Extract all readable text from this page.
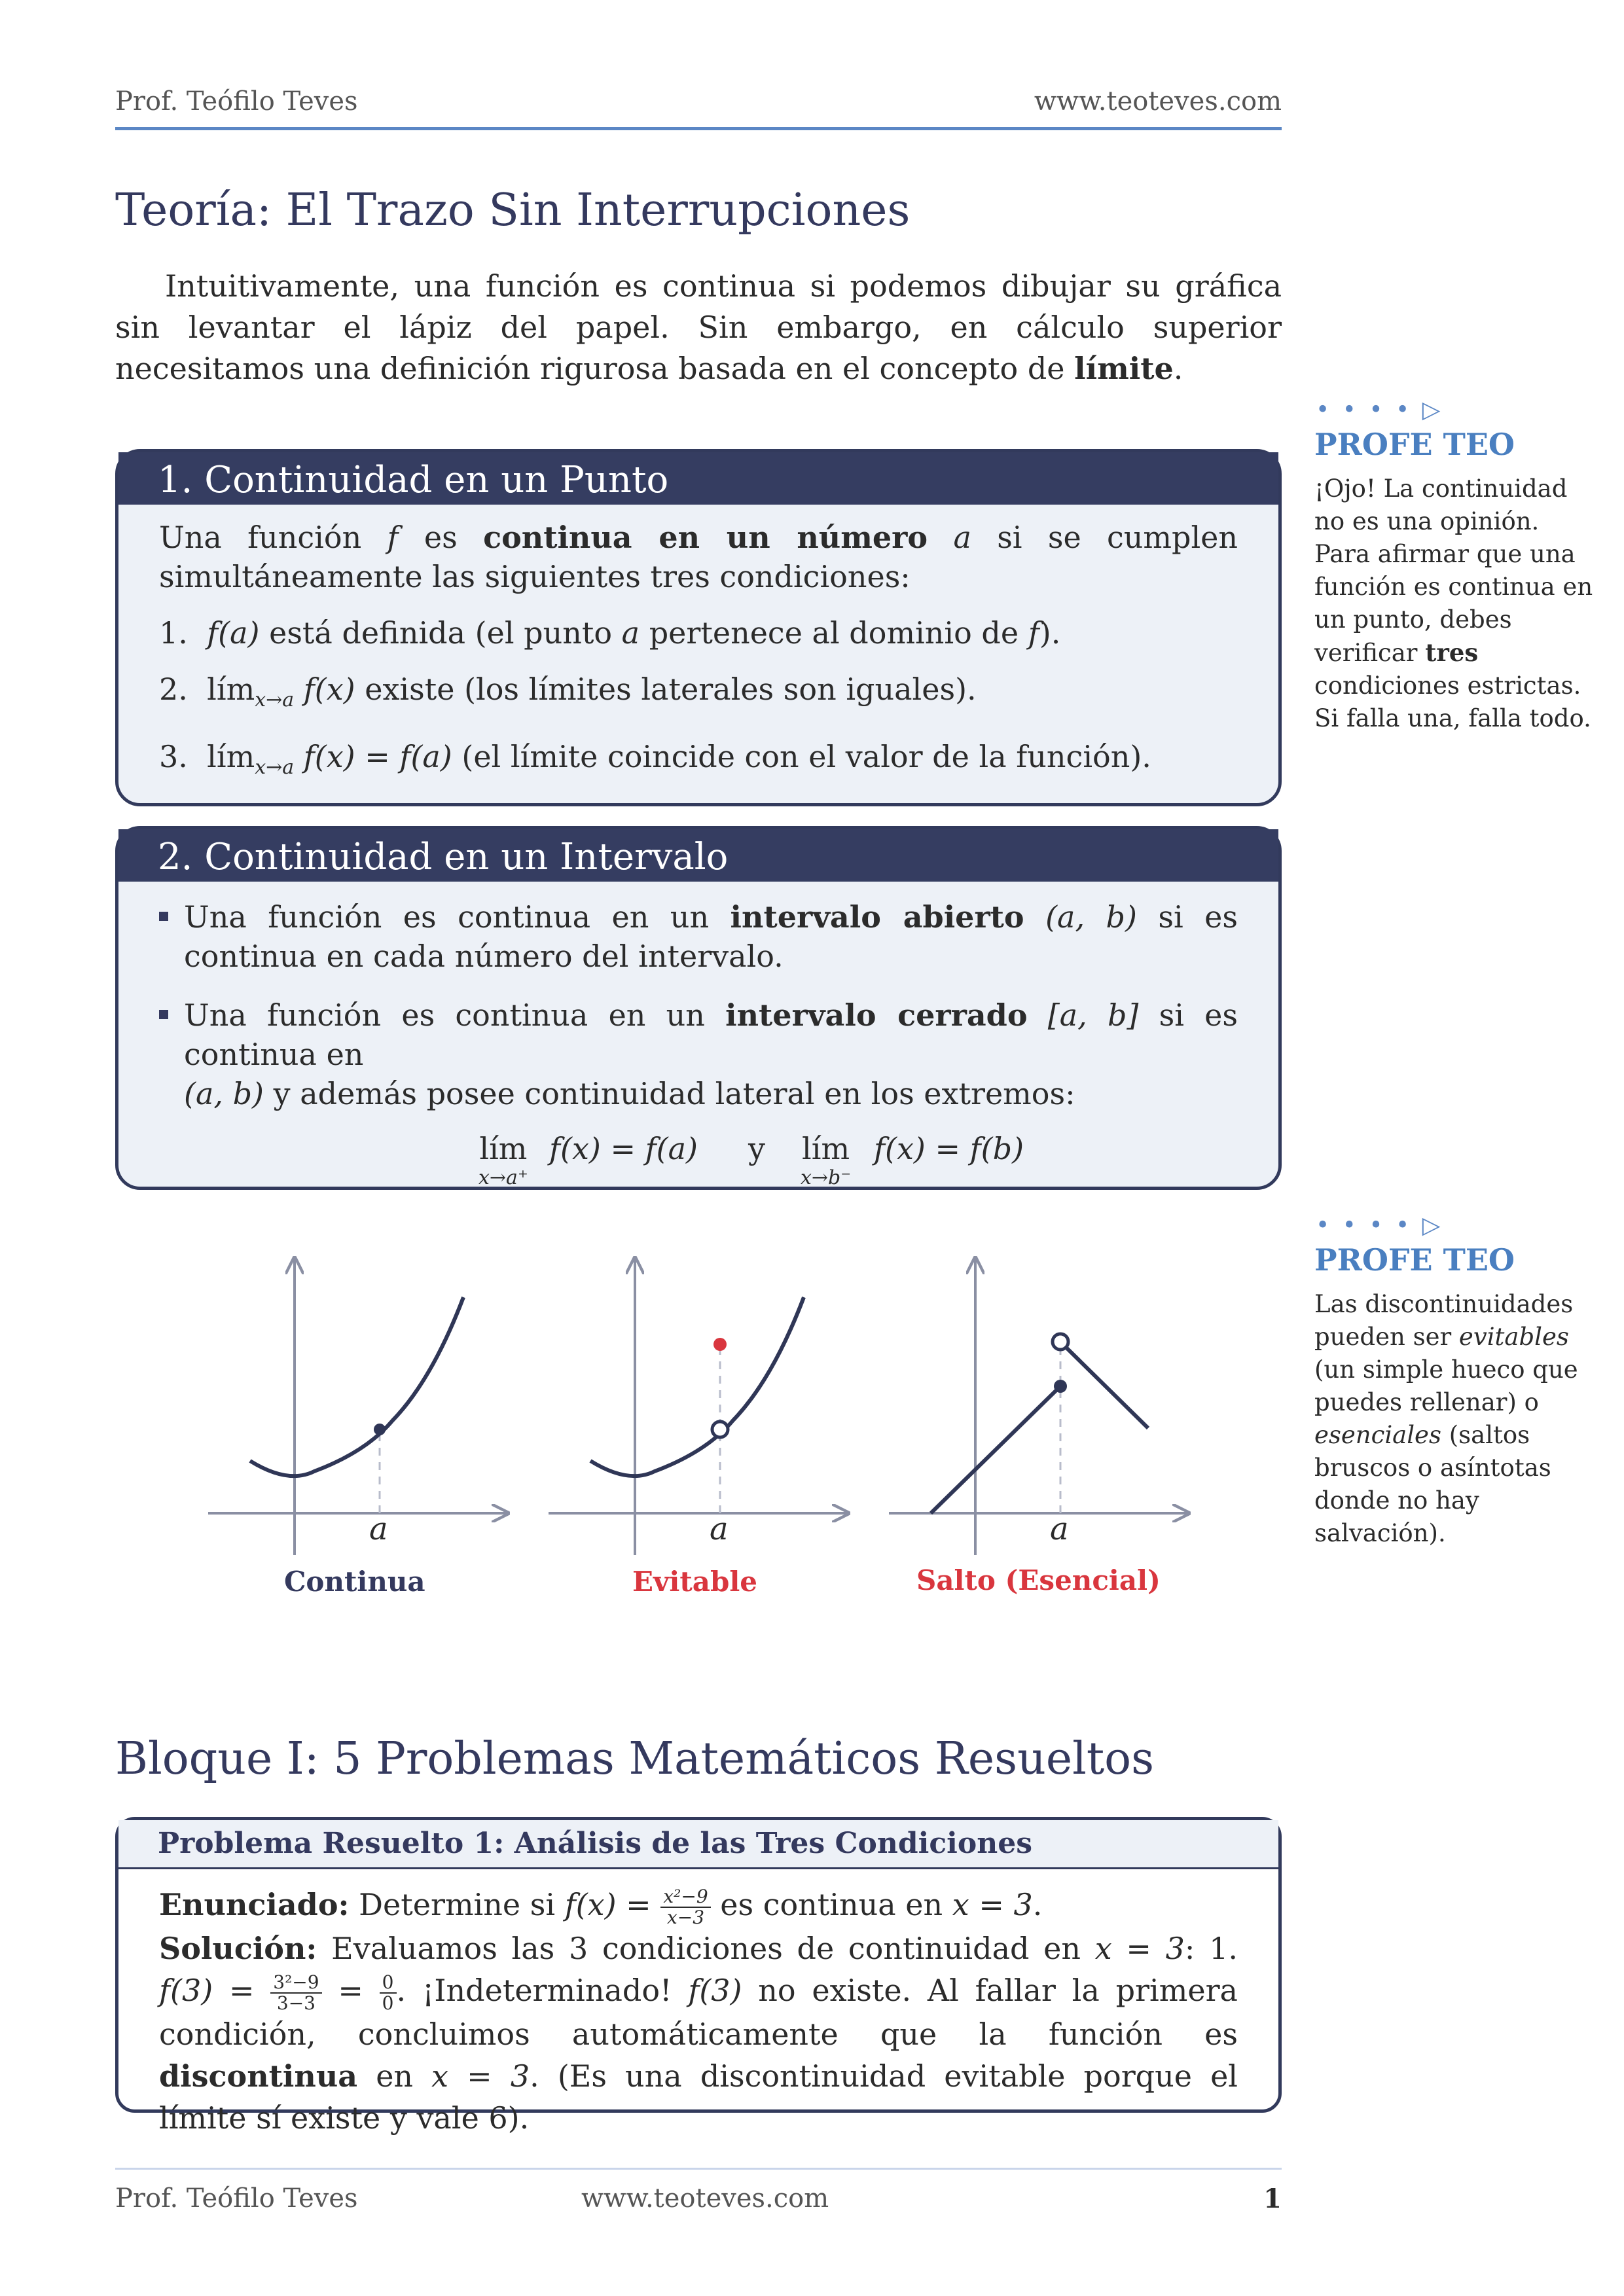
Prof. Teófilo Teves	www.teoteves.com
Teoría: El Trazo Sin Interrupciones
Intuitivamente, una función es continua si podemos dibujar su gráfica sin levantar el lápiz del papel. Sin embargo, en cálculo superior necesitamos una definición rigurosa basada en el concepto de límite.
• • • • ▷
PROFE TEO
¡Ojo! La continuidad no es una opinión. Para afirmar que una función es continua en un punto, debes verificar tres condiciones estrictas. Si falla una, falla todo.
1. Continuidad en un Punto
Una función f es continua en un número a si se cumplen simultáneamente las siguientes tres condiciones:
1. f(a) está definida (el punto a pertenece al dominio de f).
2. lím$_{x\to a}$ f(x) existe (los límites laterales son iguales).
3. lím$_{x\to a}$ f(x) = f(a) (el límite coincide con el valor de la función).
2. Continuidad en un Intervalo
Una función es continua en un intervalo abierto (a, b) si es continua en cada número del intervalo.
Una función es continua en un intervalo cerrado [a, b] si es continua en
(a, b) y además posee continuidad lateral en los extremos:
lím
x→a⁺
f(x) = f(a) y lím
x→b⁻
f(x) = f(b)
• • • • ▷
PROFE TEO
Las discontinuidades pueden ser evitables (un simple hueco que puedes rellenar) o esenciales (saltos bruscos o asíntotas donde no hay salvación).
a	a	a
Continua	Evitable	Salto (Esencial)
Bloque I: 5 Problemas Matemáticos Resueltos
Problema Resuelto 1: Análisis de las Tres Condiciones
Enunciado: Determine si $f(x) = \frac{\text{x²−9}}{x-3}$ es continua en x = 3.
Solución: Evaluamos las 3 condiciones de continuidad en x = 3: 1. $f(3) = \frac{\text{3²−9}}{3-3} = \frac{0}{0}$ . ¡Indeterminado! f(3) no existe. Al fallar la primera condición, concluimos automáticamente que la función es discontinua en x = 3. (Es una discontinuidad evitable porque el límite sí existe y vale 6).
Prof. Teófilo Teves	www.teoteves.com	1
